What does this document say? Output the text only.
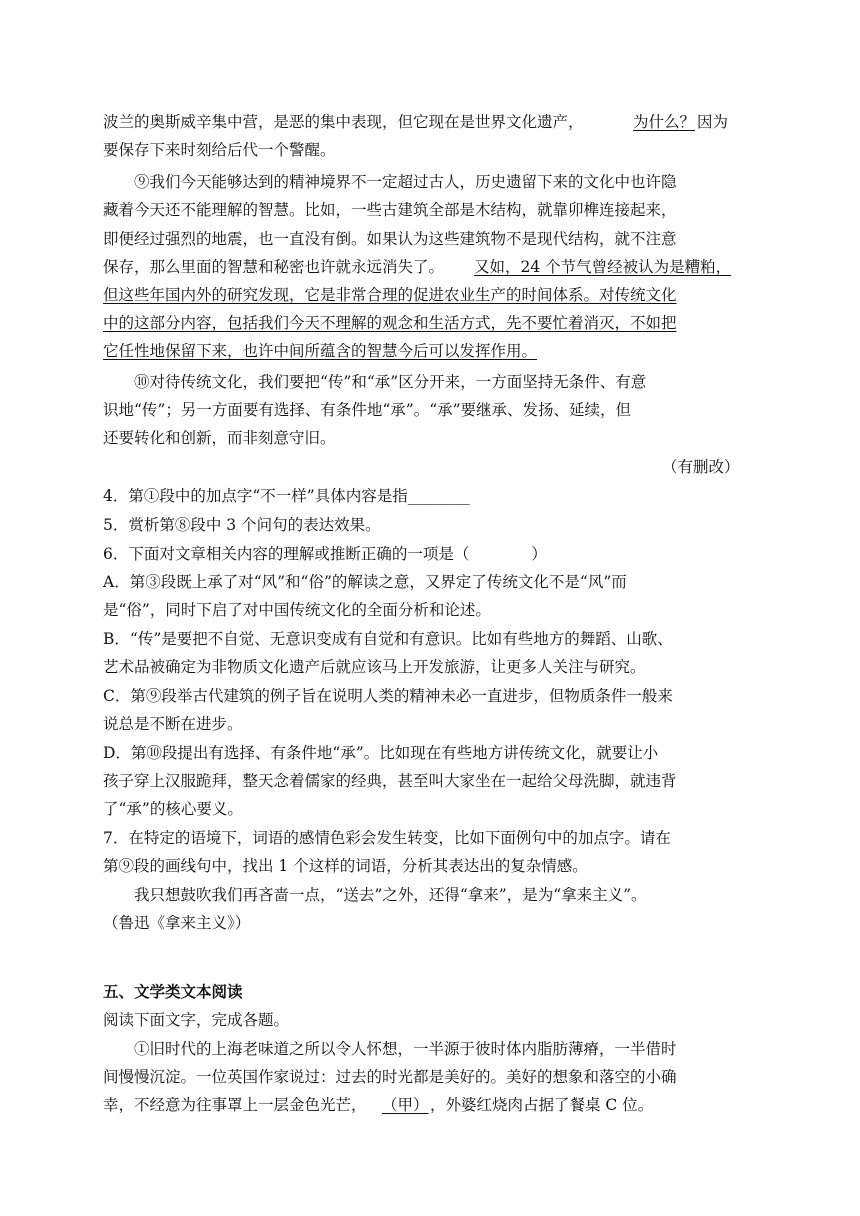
波兰的奥斯威辛集中营，是恶的集中表现，但它现在是世界文化遗产，	为什么？ 因为
要保存下来时刻给后代一个警醒。
⑨我们今天能够达到的精神境界不一定超过古人，历史遗留下来的文化中也许隐
藏着今天还不能理解的智慧。比如，一些古建筑全部是木结构，就靠卯榫连接起来，
即便经过强烈的地震，也一直没有倒。如果认为这些建筑物不是现代结构，就不注意
保存，那么里面的智慧和秘密也许就永远消失了。 又如，24 个节气曾经被认为是糟粕，
但这些年国内外的研究发现，它是非常合理的促进农业生产的时间体系。对传统文化
中的这部分内容，包括我们今天不理解的观念和生活方式，先不要忙着消灭，不如把
它任性地保留下来，也许中间所蕴含的智慧今后可以发挥作用。
⑩对待传统文化，我们要把“传”和“承”区分开来，一方面坚持无条件、有意
识地“传”；另一方面要有选择、有条件地“承”。“承”要继承、发扬、延续，但
还要转化和创新，而非刻意守旧。
（有删改）
4．第①段中的加点字“不一样”具体内容是指________
5．赏析第⑧段中 3 个问句的表达效果。
6．下面对文章相关内容的理解或推断正确的一项是（　　　　）
A．第③段既上承了对“风”和“俗”的解读之意，又界定了传统文化不是“风”而
是“俗”，同时下启了对中国传统文化的全面分析和论述。
B．“传”是要把不自觉、无意识变成有自觉和有意识。比如有些地方的舞蹈、山歌、
艺术品被确定为非物质文化遗产后就应该马上开发旅游，让更多人关注与研究。
C．第⑨段举古代建筑的例子旨在说明人类的精神未必一直进步，但物质条件一般来
说总是不断在进步。
D．第⑩段提出有选择、有条件地“承”。比如现在有些地方讲传统文化，就要让小
孩子穿上汉服跪拜，整天念着儒家的经典，甚至叫大家坐在一起给父母洗脚，就违背
了“承”的核心要义。
7．在特定的语境下，词语的感情色彩会发生转变，比如下面例句中的加点字。请在
第⑨段的画线句中，找出 1 个这样的词语，分析其表达出的复杂情感。
我只想鼓吹我们再吝啬一点，“送去”之外，还得“拿来”，是为“拿来主义”。
（鲁迅《拿来主义》）
五、文学类文本阅读
阅读下面文字，完成各题。
①旧时代的上海老味道之所以令人怀想，一半源于彼时体内脂肪薄瘠，一半借时
间慢慢沉淀。一位英国作家说过：过去的时光都是美好的。美好的想象和落空的小确
幸，不经意为往事罩上一层金色光芒， （甲） ，外婆红烧肉占据了餐桌 C 位。
